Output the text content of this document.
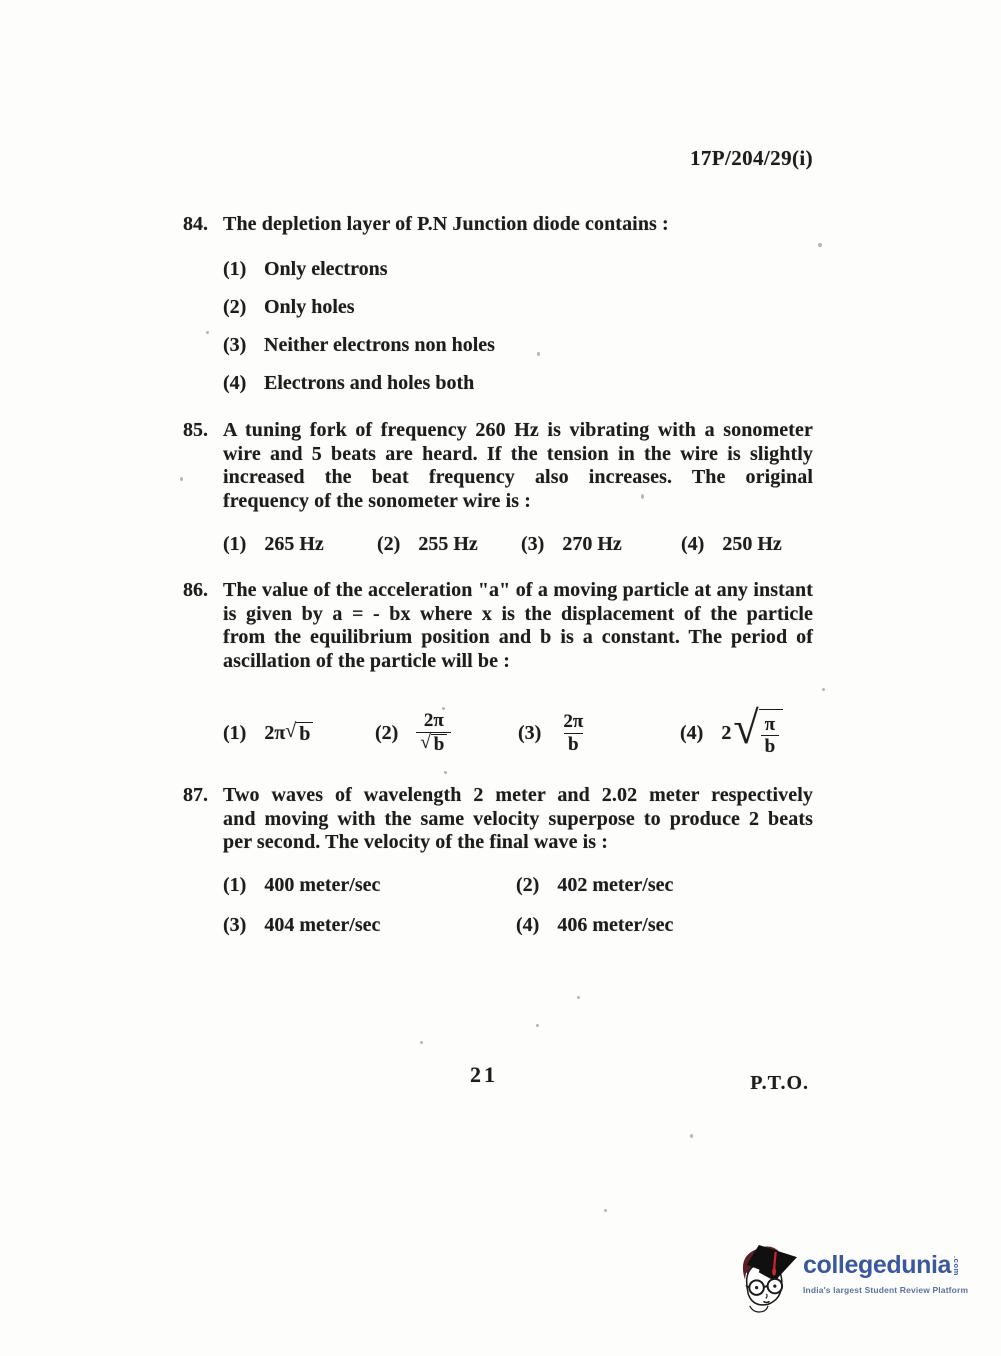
17P/204/29(i)
84. The depletion layer of P.N Junction diode contains :
(1) Only electrons
(2) Only holes
(3) Neither electrons non holes
(4) Electrons and holes both
85. A tuning fork of frequency 260 Hz is vibrating with a sonometer
wire and 5 beats are heard. If the tension in the wire is slightly
increased the beat frequency also increases. The original
frequency of the sonometer wire is :
(1) 265 Hz	(2) 255 Hz (3) 270 Hz	(4) 250 Hz
86. The value of the acceleration "a" of a moving particle at any instant
is given by a = - bx where x is the displacement of the particle
from the equilibrium position and b is a constant. The period of
ascillation of the particle will be :
(1) 2π √ b	$(2) \frac{2\pi}{√ b}$	$(3) \frac{2\pi}{b}$	(4) 2 √ $\frac{\pi}{b}$
87. Two waves of wavelength 2 meter and 2.02 meter respectively
and moving with the same velocity superpose to produce 2 beats
per second. The velocity of the final wave is :
(1) 400 meter/sec	(2) 402 meter/sec
(3) 404 meter/sec	(4) 406 meter/sec
21	P.T.O.
collegedunia .com
India's largest Student Review Platform
